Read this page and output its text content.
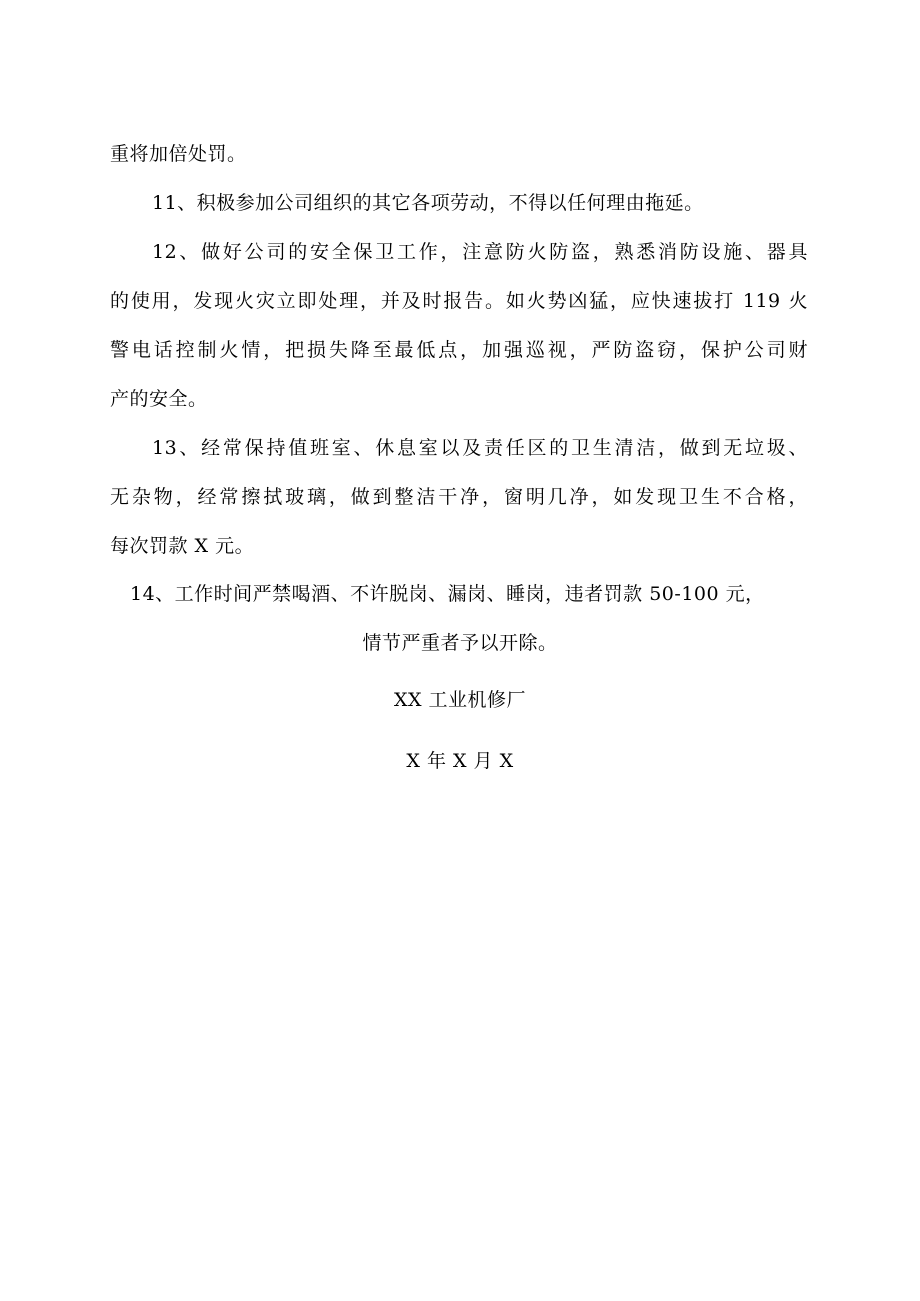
重将加倍处罚。
11、积极参加公司组织的其它各项劳动，不得以任何理由拖延。
12、做好公司的安全保卫工作，注意防火防盗，熟悉消防设施、器具
的使用，发现火灾立即处理，并及时报告。如火势凶猛，应快速拔打 119 火
警电话控制火情，把损失降至最低点，加强巡视，严防盗窃，保护公司财
产的安全。
13、经常保持值班室、休息室以及责任区的卫生清洁，做到无垃圾、
无杂物，经常擦拭玻璃，做到整洁干净，窗明几净，如发现卫生不合格，
每次罚款 X 元。
14、工作时间严禁喝酒、不许脱岗、漏岗、睡岗，违者罚款 50-100 元，
情节严重者予以开除。
XX 工业机修厂
X 年 X 月 X
